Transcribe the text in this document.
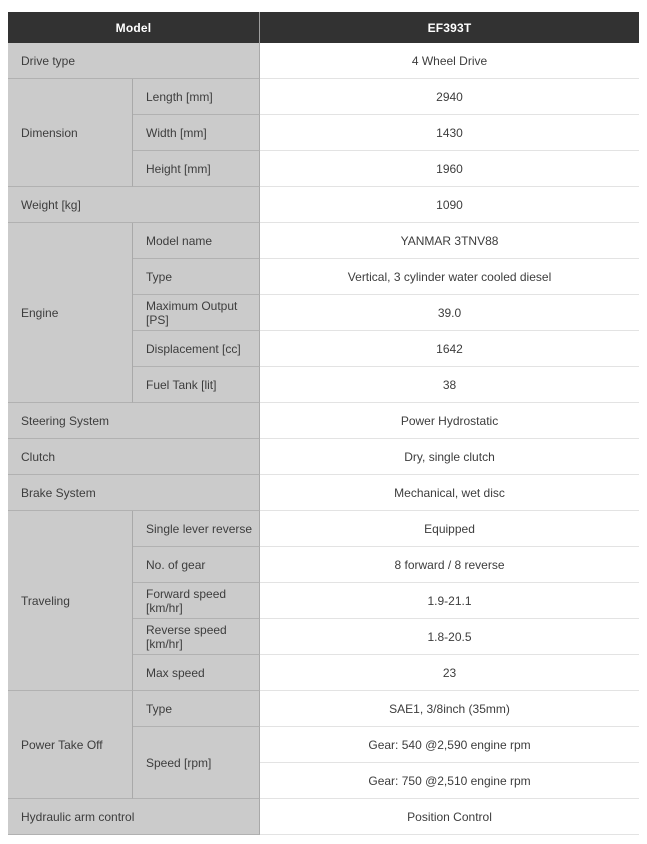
Model		EF393T
Drive type		4 Wheel Drive
Dimension	Length [mm]	2940
	Width [mm]	1430
	Height [mm]	1960
Weight [kg]		1090
Engine	Model name	YANMAR 3TNV88
	Type	Vertical, 3 cylinder water cooled diesel
	Maximum Output [PS]	39.0
	Displacement [cc]	1642
	Fuel Tank [lit]	38
Steering System		Power Hydrostatic
Clutch		Dry, single clutch
Brake System		Mechanical, wet disc
Traveling	Single lever reverse	Equipped
	No. of gear	8 forward / 8 reverse
	Forward speed [km/hr]	1.9-21.1
	Reverse speed [km/hr]	1.8-20.5
	Max speed	23
Power Take Off	Type	SAE1, 3/8inch (35mm)
	Speed [rpm]	Gear: 540 @2,590 engine rpm
		Gear: 750 @2,510 engine rpm
Hydraulic arm control		Position Control
